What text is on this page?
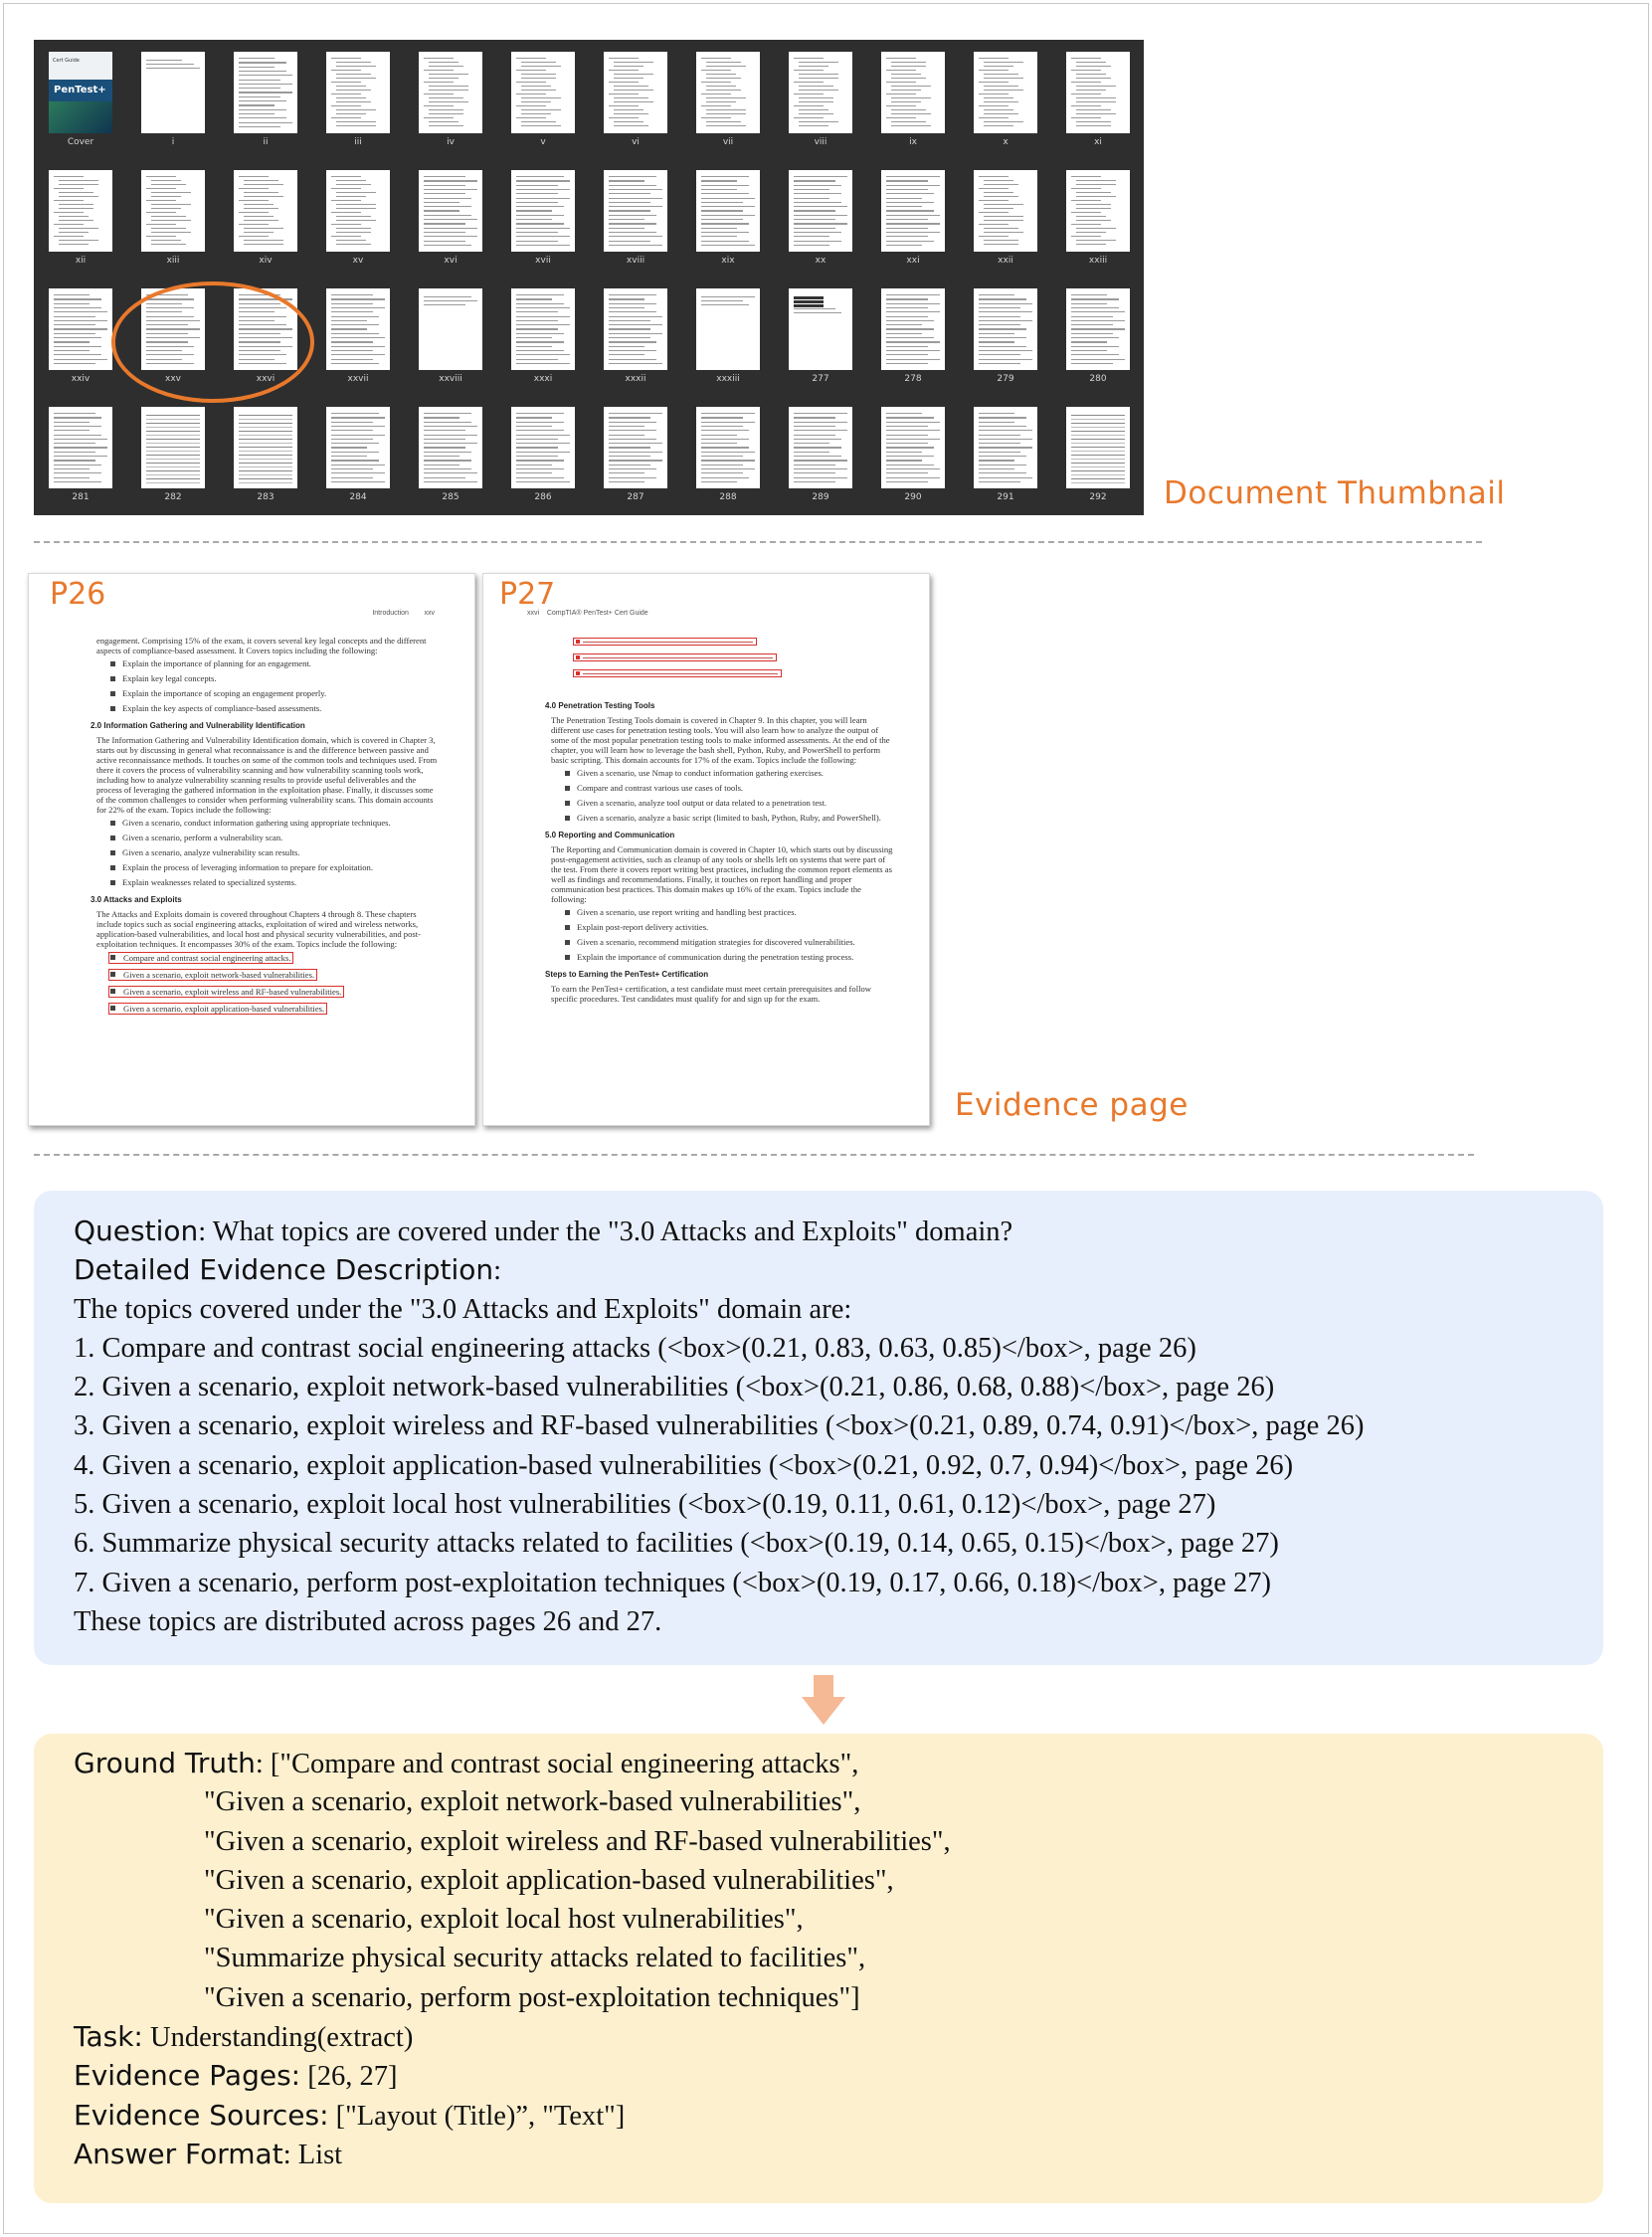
Cert Guide
PenTest+
Cover	i	ii	iii	iv	v	vi	vii	viii	ix	x	xi
xii	xiii	xiv	xv	xvi	xvii	xviii	xix	xx	xxi	xxii	xxiii
xxiv	xxv	xxvi	xxvii	xxviii	xxxi	xxxii	xxxiii	277	278	279	280
281	282	283	284	285	286	287	288	289	290	291	292	Document Thumbnail
Introduction xxv

engagement. Comprising 15% of the exam, it covers several key legal concepts and the different aspects of compliance-based assessment. It Covers topics including the following:

Explain the importance of planning for an engagement.
Explain key legal concepts.
Explain the importance of scoping an engagement properly.
Explain the key aspects of compliance-based assessments.
2.0 Information Gathering and Vulnerability Identification

The Information Gathering and Vulnerability Identification domain, which is covered in Chapter 3, starts out by discussing in general what reconnaissance is and the difference between passive and active reconnaissance methods. It touches on some of the common tools and techniques used. From there it covers the process of vulnerability scanning and how vulnerability scanning tools work, including how to analyze vulnerability scanning results to provide useful deliverables and the process of leveraging the gathered information in the exploitation phase. Finally, it discusses some of the common challenges to consider when performing vulnerability scans. This domain accounts for 22% of the exam. Topics include the following:

Given a scenario, conduct information gathering using appropriate techniques.
Given a scenario, perform a vulnerability scan.
Given a scenario, analyze vulnerability scan results.
Explain the process of leveraging information to prepare for exploitation.
Explain weaknesses related to specialized systems.
3.0 Attacks and Exploits

The Attacks and Exploits domain is covered throughout Chapters 4 through 8. These chapters include topics such as social engineering attacks, exploitation of wired and wireless networks, application-based vulnerabilities, and local host and physical security vulnerabilities, and post-exploitation techniques. It encompasses 30% of the exam. Topics include the following:

Compare and contrast social engineering attacks.
Given a scenario, exploit network-based vulnerabilities.
Given a scenario, exploit wireless and RF-based vulnerabilities.
Given a scenario, exploit application-based vulnerabilities.
P26
xxvi CompTIA® PenTest+ Cert Guide
4.0 Penetration Testing Tools

The Penetration Testing Tools domain is covered in Chapter 9. In this chapter, you will learn different use cases for penetration testing tools. You will also learn how to analyze the output of some of the most popular penetration testing tools to make informed assessments. At the end of the chapter, you will learn how to leverage the bash shell, Python, Ruby, and PowerShell to perform basic scripting. This domain accounts for 17% of the exam. Topics include the following:

Given a scenario, use Nmap to conduct information gathering exercises.
Compare and contrast various use cases of tools.
Given a scenario, analyze tool output or data related to a penetration test.
Given a scenario, analyze a basic script (limited to bash, Python, Ruby, and PowerShell).
5.0 Reporting and Communication

The Reporting and Communication domain is covered in Chapter 10, which starts out by discussing post-engagement activities, such as cleanup of any tools or shells left on systems that were part of the test. From there it covers report writing best practices, including the common report elements as well as findings and recommendations. Finally, it touches on report handling and proper communication best practices. This domain makes up 16% of the exam. Topics include the following:

Given a scenario, use report writing and handling best practices.
Explain post-report delivery activities.
Given a scenario, recommend mitigation strategies for discovered vulnerabilities.
Explain the importance of communication during the penetration testing process.
Steps to Earning the PenTest+ Certification

To earn the PenTest+ certification, a test candidate must meet certain prerequisites and follow specific procedures. Test candidates must qualify for and sign up for the exam.

P27
Evidence page
Question: What topics are covered under the "3.0 Attacks and Exploits" domain?
Detailed Evidence Description:
The topics covered under the "3.0 Attacks and Exploits" domain are:
1. Compare and contrast social engineering attacks (<box>(0.21, 0.83, 0.63, 0.85)</box>, page 26)
2. Given a scenario, exploit network-based vulnerabilities (<box>(0.21, 0.86, 0.68, 0.88)</box>, page 26)
3. Given a scenario, exploit wireless and RF-based vulnerabilities (<box>(0.21, 0.89, 0.74, 0.91)</box>, page 26)
4. Given a scenario, exploit application-based vulnerabilities (<box>(0.21, 0.92, 0.7, 0.94)</box>, page 26)
5. Given a scenario, exploit local host vulnerabilities (<box>(0.19, 0.11, 0.61, 0.12)</box>, page 27)
6. Summarize physical security attacks related to facilities (<box>(0.19, 0.14, 0.65, 0.15)</box>, page 27)
7. Given a scenario, perform post-exploitation techniques (<box>(0.19, 0.17, 0.66, 0.18)</box>, page 27)
These topics are distributed across pages 26 and 27.
Ground Truth: ["Compare and contrast social engineering attacks",
"Given a scenario, exploit network-based vulnerabilities",
"Given a scenario, exploit wireless and RF-based vulnerabilities",
"Given a scenario, exploit application-based vulnerabilities",
"Given a scenario, exploit local host vulnerabilities",
"Summarize physical security attacks related to facilities",
"Given a scenario, perform post-exploitation techniques"]
Task: Understanding(extract)
Evidence Pages: [26, 27]
Evidence Sources: ["Layout (Title)”, "Text"]
Answer Format: List
